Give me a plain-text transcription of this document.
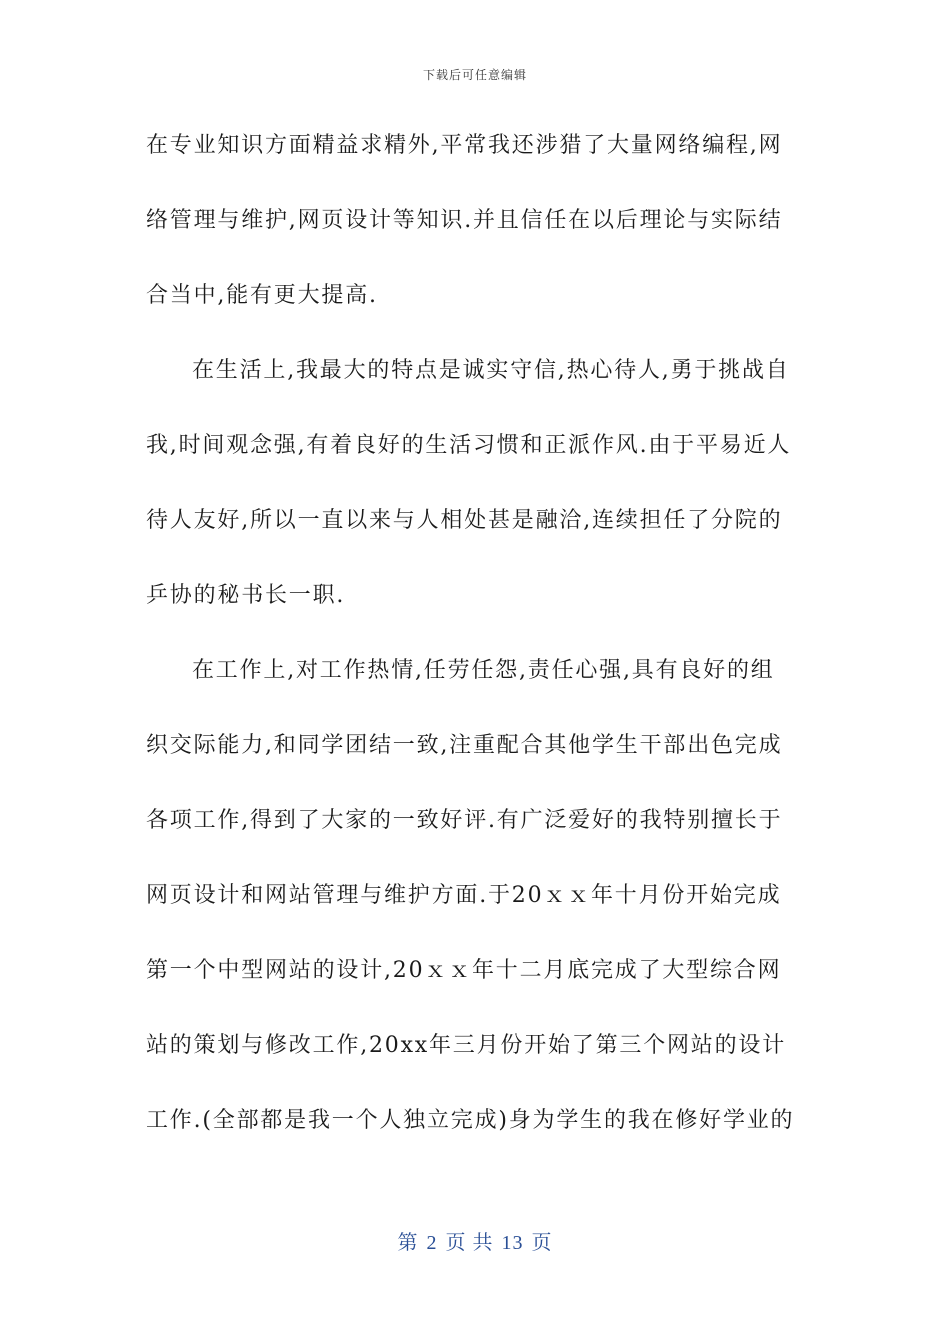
下载后可任意编辑
在专业知识方面精益求精外,平常我还涉猎了大量网络编程,网
络管理与维护,网页设计等知识.并且信任在以后理论与实际结
合当中,能有更大提高.
在生活上,我最大的特点是诚实守信,热心待人,勇于挑战自
我,时间观念强,有着良好的生活习惯和正派作风.由于平易近人
待人友好,所以一直以来与人相处甚是融洽,连续担任了分院的
乒协的秘书长一职.
在工作上,对工作热情,任劳任怨,责任心强,具有良好的组
织交际能力,和同学团结一致,注重配合其他学生干部出色完成
各项工作,得到了大家的一致好评.有广泛爱好的我特别擅长于
网页设计和网站管理与维护方面.于20ｘｘ年十月份开始完成
第一个中型网站的设计,20ｘｘ年十二月底完成了大型综合网
站的策划与修改工作,20xx年三月份开始了第三个网站的设计
工作.(全部都是我一个人独立完成)身为学生的我在修好学业的
第 2 页 共 13 页
